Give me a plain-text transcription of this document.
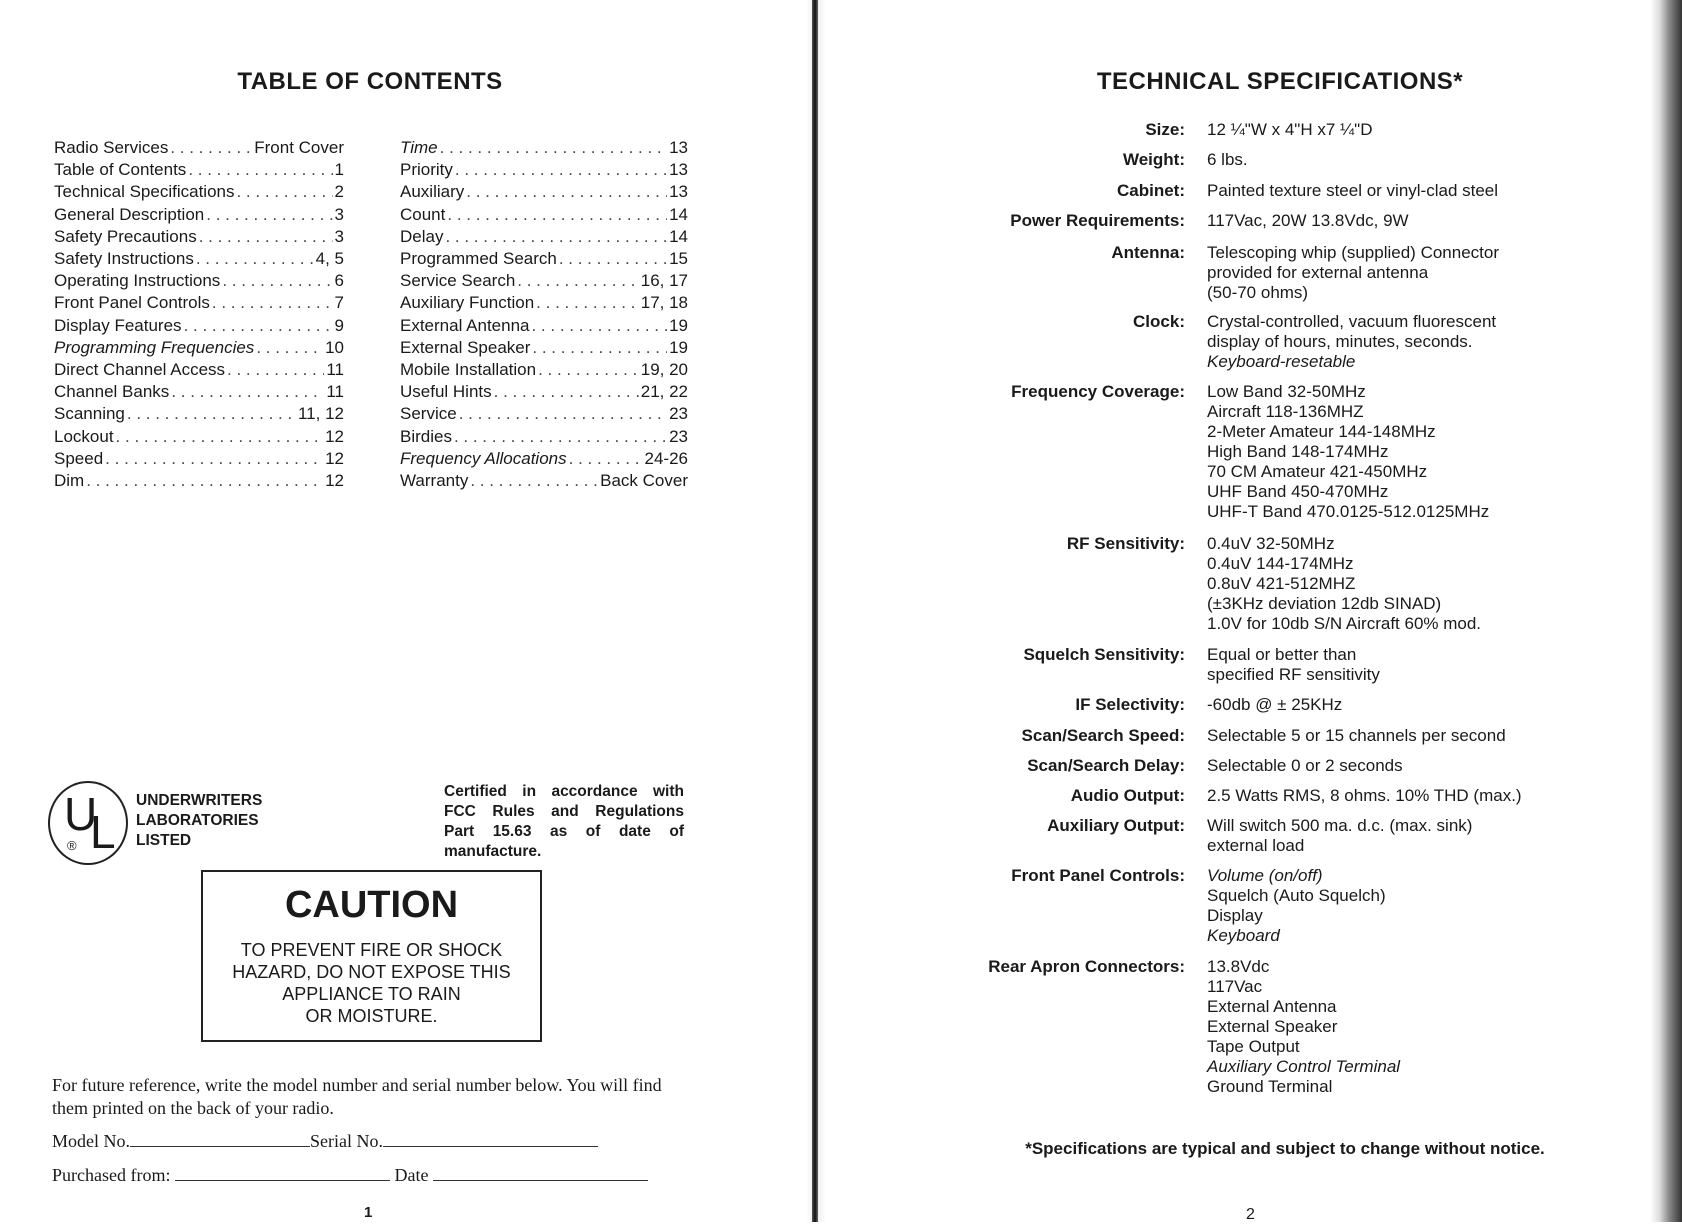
TABLE OF CONTENTS
Radio Services . . .	Front Cover
Table of Contents . . .	1
Technical Specifications . . .	2
General Description . . .	3
Safety Precautions . . .	3
Safety Instructions . . .	4, 5
Operating Instructions . . .	6
Front Panel Controls . . .	7
Display Features . . .	9
Programming Frequencies . . .	10
Direct Channel Access . . .	11
Channel Banks . . .	11
Scanning . . .	11, 12
Lockout . . .	12
Speed . . .	12
Dim . . .	12
Time . . .	13
Priority . . .	13
Auxiliary . . .	13
Count . . .	14
Delay . . .	14
Programmed Search . . .	15
Service Search . . .	16, 17
Auxiliary Function . . .	17, 18
External Antenna . . .	19
External Speaker . . .	19
Mobile Installation . . .	19, 20
Useful Hints . . .	21, 22
Service . . .	23
Birdies . . .	23
Frequency Allocations . . .	24-26
Warranty . . .	Back Cover
U
L
®
UNDERWRITERS
LABORATORIES
LISTED
Certified in accordance with
FCC Rules and Regulations
Part 15.63 as of date of
manufacture.
CAUTION

TO PREVENT FIRE OR SHOCK

HAZARD, DO NOT EXPOSE THIS

APPLIANCE TO RAIN

OR MOISTURE.

For future reference, write the model number and serial number below. You will find them printed on the back of your radio.
Model No.	Serial No.
Purchased from:	Date
1
TECHNICAL SPECIFICATIONS*
Size:	12 ¼"W x 4"H x7 ¼"D
Weight:	6 lbs.
Cabinet:	Painted texture steel or vinyl-clad steel
Power Requirements:	117Vac, 20W 13.8Vdc, 9W
Antenna:	Telescoping whip (supplied) Connector
provided for external antenna
(50-70 ohms)
Clock:	Crystal-controlled, vacuum fluorescent
display of hours, minutes, seconds.
Keyboard-resetable
Frequency Coverage:	Low Band 32-50MHz
Aircraft 118-136MHZ
2-Meter Amateur 144-148MHz
High Band 148-174MHz
70 CM Amateur 421-450MHz
UHF Band 450-470MHz
UHF-T Band 470.0125-512.0125MHz
RF Sensitivity:	0.4uV 32-50MHz
0.4uV 144-174MHz
0.8uV 421-512MHZ
(±3KHz deviation 12db SINAD)
1.0V for 10db S/N Aircraft 60% mod.
Squelch Sensitivity:	Equal or better than
specified RF sensitivity
IF Selectivity:	-60db @ ± 25KHz
Scan/Search Speed:	Selectable 5 or 15 channels per second
Scan/Search Delay:	Selectable 0 or 2 seconds
Audio Output:	2.5 Watts RMS, 8 ohms. 10% THD (max.)
Auxiliary Output:	Will switch 500 ma. d.c. (max. sink)
external load
Front Panel Controls:	Volume (on/off)
Squelch (Auto Squelch)
Display
Keyboard
Rear Apron Connectors:	13.8Vdc
117Vac
External Antenna
External Speaker
Tape Output
Auxiliary Control Terminal
Ground Terminal
*Specifications are typical and subject to change without notice.
2
